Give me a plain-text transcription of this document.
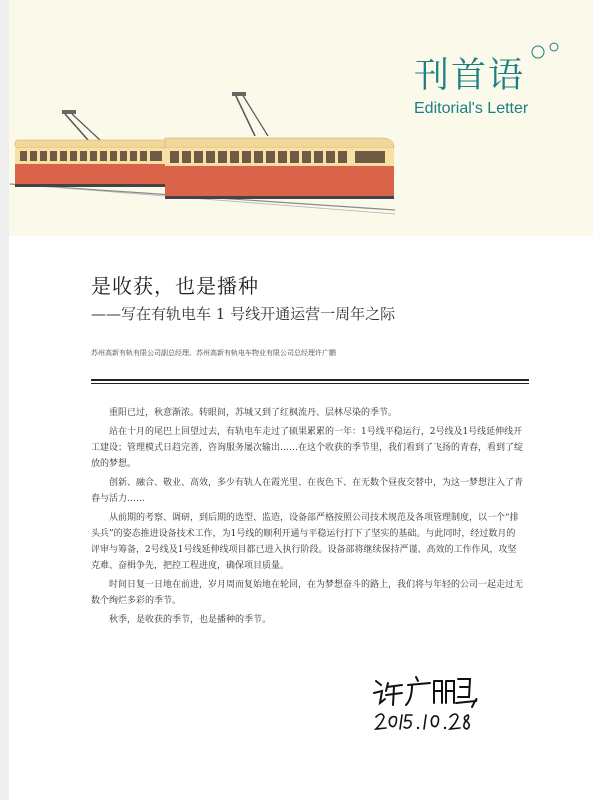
刊首语
Editorial's Letter
是收获，也是播种
——写在有轨电车 1 号线开通运营一周年之际
苏州高新有轨有限公司副总经理、苏州高新有轨电车物业有限公司总经理许广鹏

重阳已过，秋意渐浓。转眼间，苏城又到了红枫流丹、层林尽染的季节。

站在十月的尾巴上回望过去，有轨电车走过了硕果累累的一年：1号线平稳运行，2号线及1号线延伸线开工建设；管理模式日趋完善，咨询服务屡次输出……在这个收获的季节里，我们看到了飞扬的青春，看到了绽放的梦想。

创新、融合、敬业、高效，多少有轨人在霞光里、在夜色下、在无数个昼夜交替中，为这一梦想注入了青春与活力……

从前期的考察、调研，到后期的选型、监造，设备部严格按照公司技术规范及各项管理制度，以一个“排头兵”的姿态推进设备技术工作，为1号线的顺利开通与平稳运行打下了坚实的基础。与此同时，经过数月的评审与筹备，2号线及1号线延伸线项目都已进入执行阶段。设备部将继续保持严谨、高效的工作作风，攻坚克难、奋楫争先，把控工程进度，确保项目质量。

时间日复一日地在前进，岁月周而复始地在轮回，在为梦想奋斗的路上，我们将与年轻的公司一起走过无数个绚烂多彩的季节。

秋季，是收获的季节，也是播种的季节。
